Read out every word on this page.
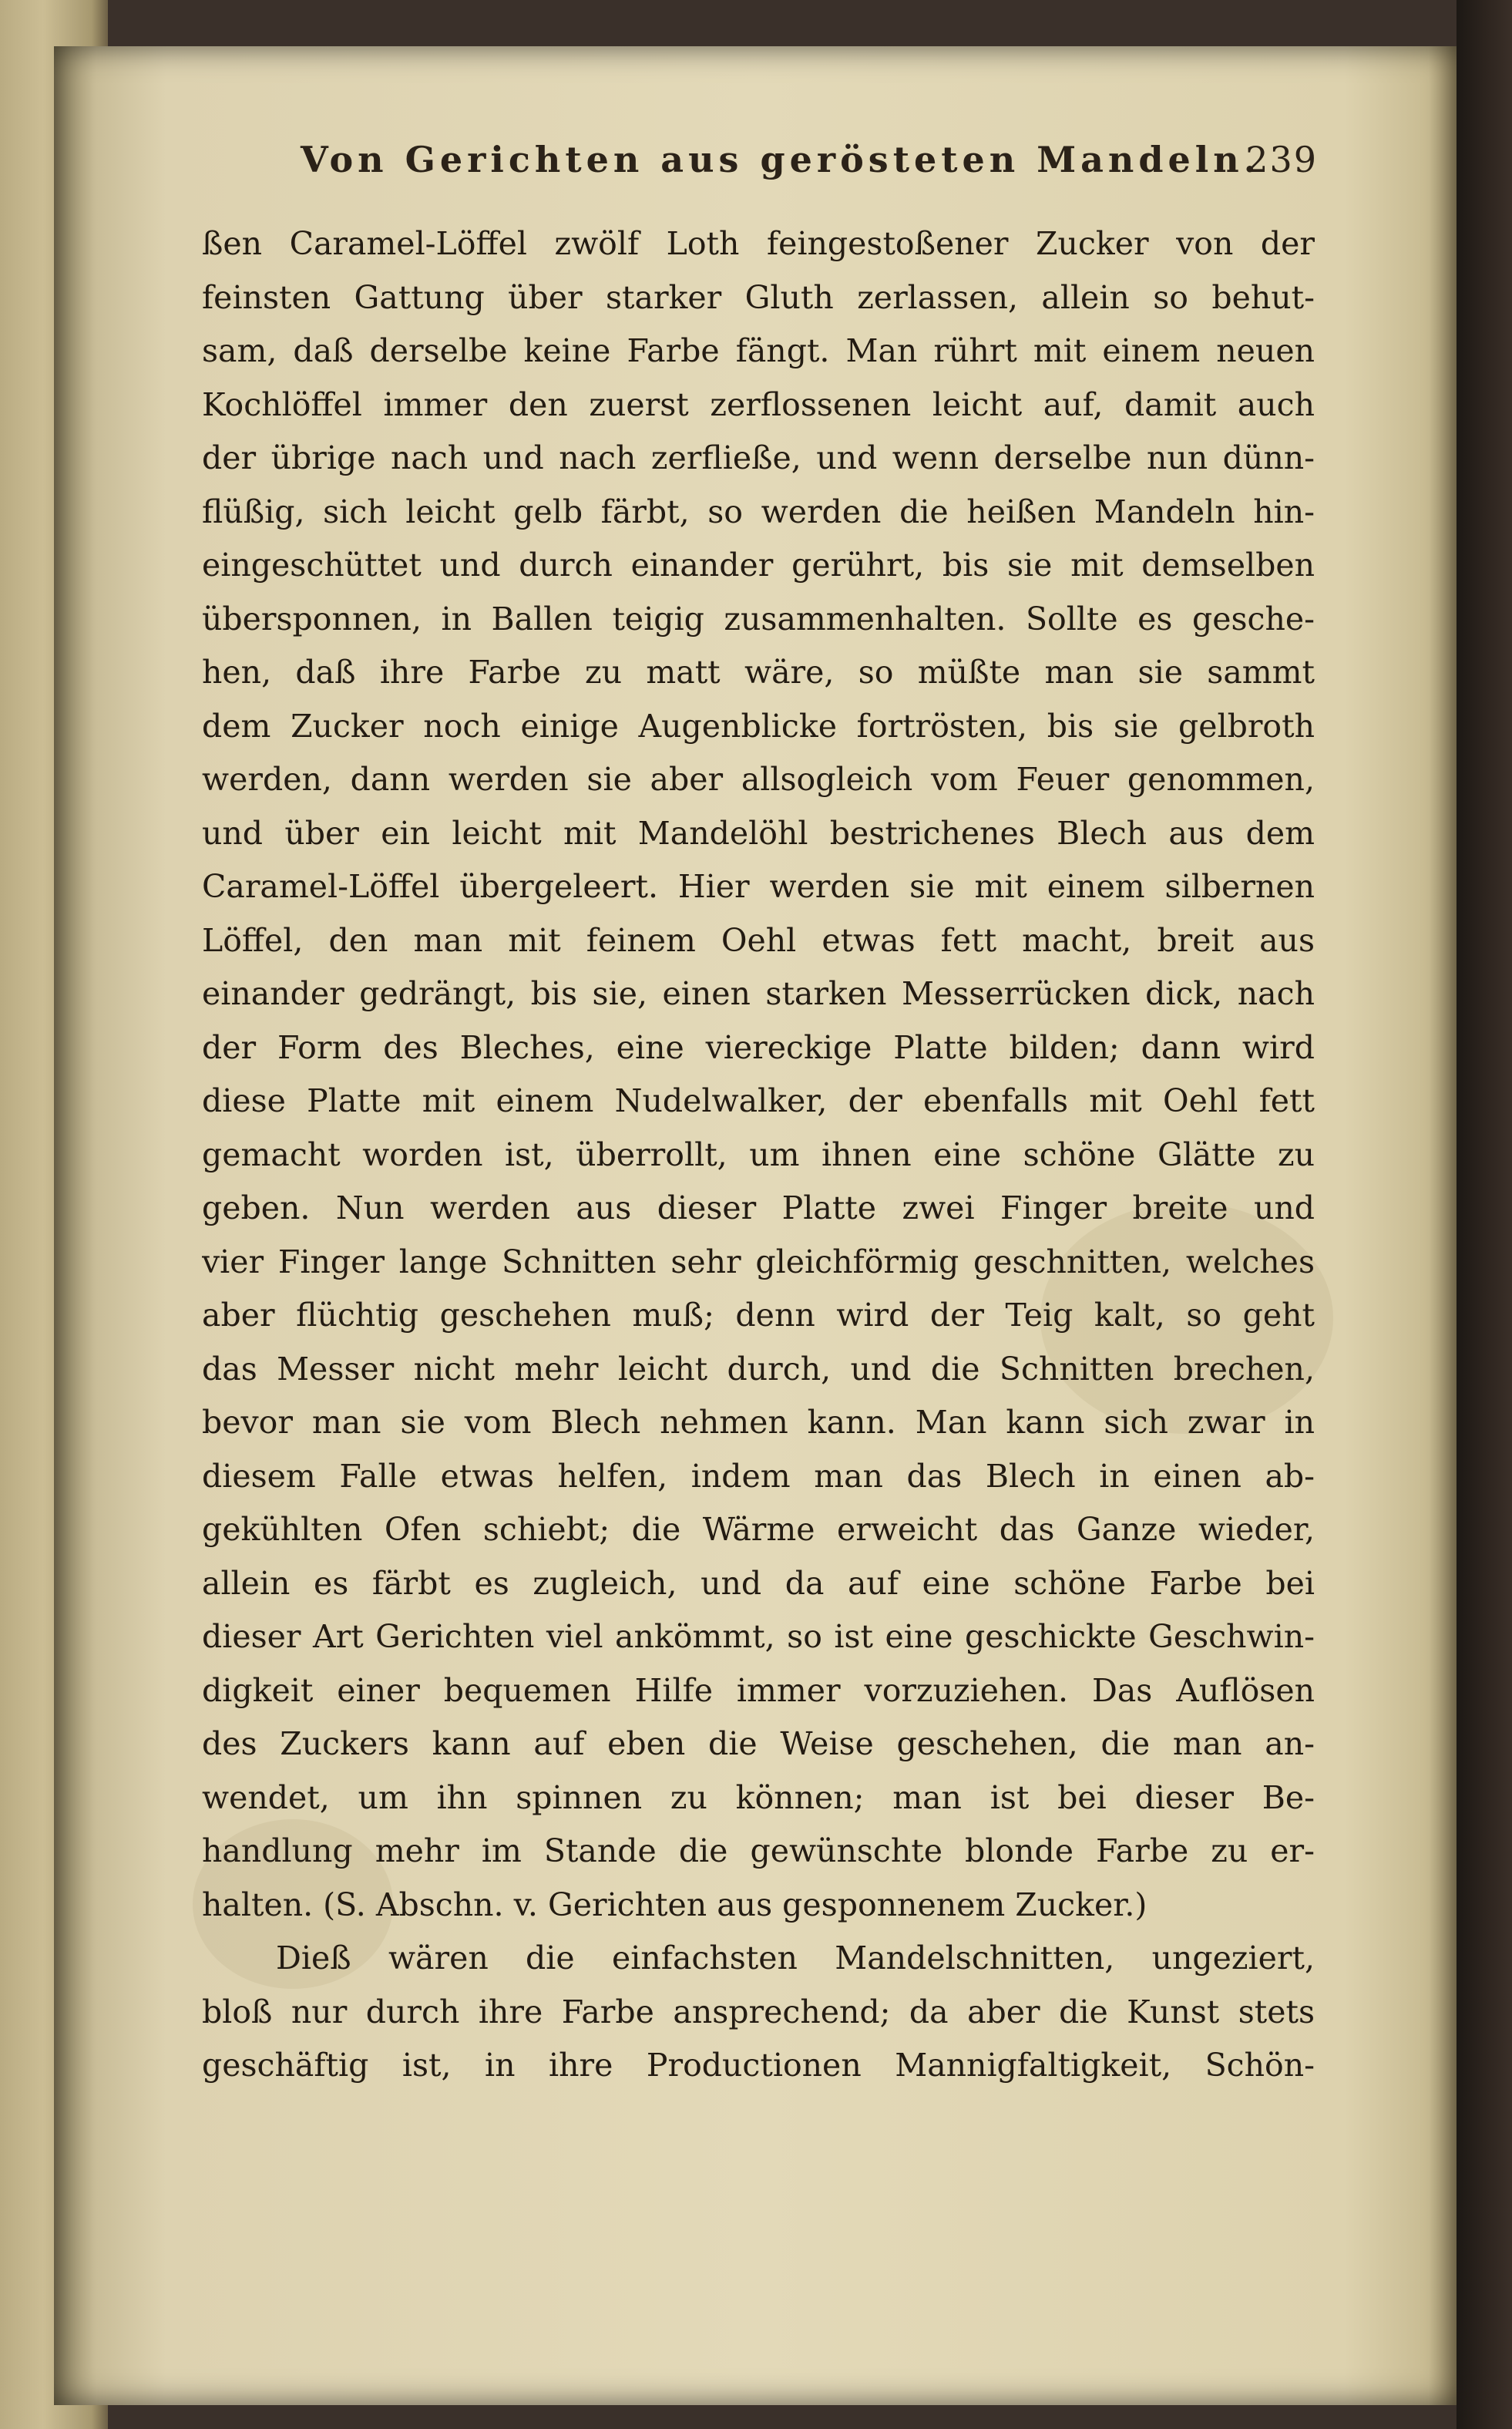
Von Gerichten aus gerösteten Mandeln.
239
ßen Caramel-Löffel zwölf Loth feingestoßener Zucker von der
feinsten Gattung über starker Gluth zerlassen, allein so behut-
sam, daß derselbe keine Farbe fängt. Man rührt mit einem neuen
Kochlöffel immer den zuerst zerflossenen leicht auf, damit auch
der übrige nach und nach zerfließe, und wenn derselbe nun dünn-
flüßig, sich leicht gelb färbt, so werden die heißen Mandeln hin-
eingeschüttet und durch einander gerührt, bis sie mit demselben
übersponnen, in Ballen teigig zusammenhalten. Sollte es gesche-
hen, daß ihre Farbe zu matt wäre, so müßte man sie sammt
dem Zucker noch einige Augenblicke fortrösten, bis sie gelbroth
werden, dann werden sie aber allsogleich vom Feuer genommen,
und über ein leicht mit Mandelöhl bestrichenes Blech aus dem
Caramel-Löffel übergeleert. Hier werden sie mit einem silbernen
Löffel, den man mit feinem Oehl etwas fett macht, breit aus
einander gedrängt, bis sie, einen starken Messerrücken dick, nach
der Form des Bleches, eine viereckige Platte bilden; dann wird
diese Platte mit einem Nudelwalker, der ebenfalls mit Oehl fett
gemacht worden ist, überrollt, um ihnen eine schöne Glätte zu
geben. Nun werden aus dieser Platte zwei Finger breite und
vier Finger lange Schnitten sehr gleichförmig geschnitten, welches
aber flüchtig geschehen muß; denn wird der Teig kalt, so geht
das Messer nicht mehr leicht durch, und die Schnitten brechen,
bevor man sie vom Blech nehmen kann. Man kann sich zwar in
diesem Falle etwas helfen, indem man das Blech in einen ab-
gekühlten Ofen schiebt; die Wärme erweicht das Ganze wieder,
allein es färbt es zugleich, und da auf eine schöne Farbe bei
dieser Art Gerichten viel ankömmt, so ist eine geschickte Geschwin-
digkeit einer bequemen Hilfe immer vorzuziehen. Das Auflösen
des Zuckers kann auf eben die Weise geschehen, die man an-
wendet, um ihn spinnen zu können; man ist bei dieser Be-
handlung mehr im Stande die gewünschte blonde Farbe zu er-
halten. (S. Abschn. v. Gerichten aus gesponnenem Zucker.)
Dieß wären die einfachsten Mandelschnitten, ungeziert,
bloß nur durch ihre Farbe ansprechend; da aber die Kunst stets
geschäftig ist, in ihre Productionen Mannigfaltigkeit, Schön-
